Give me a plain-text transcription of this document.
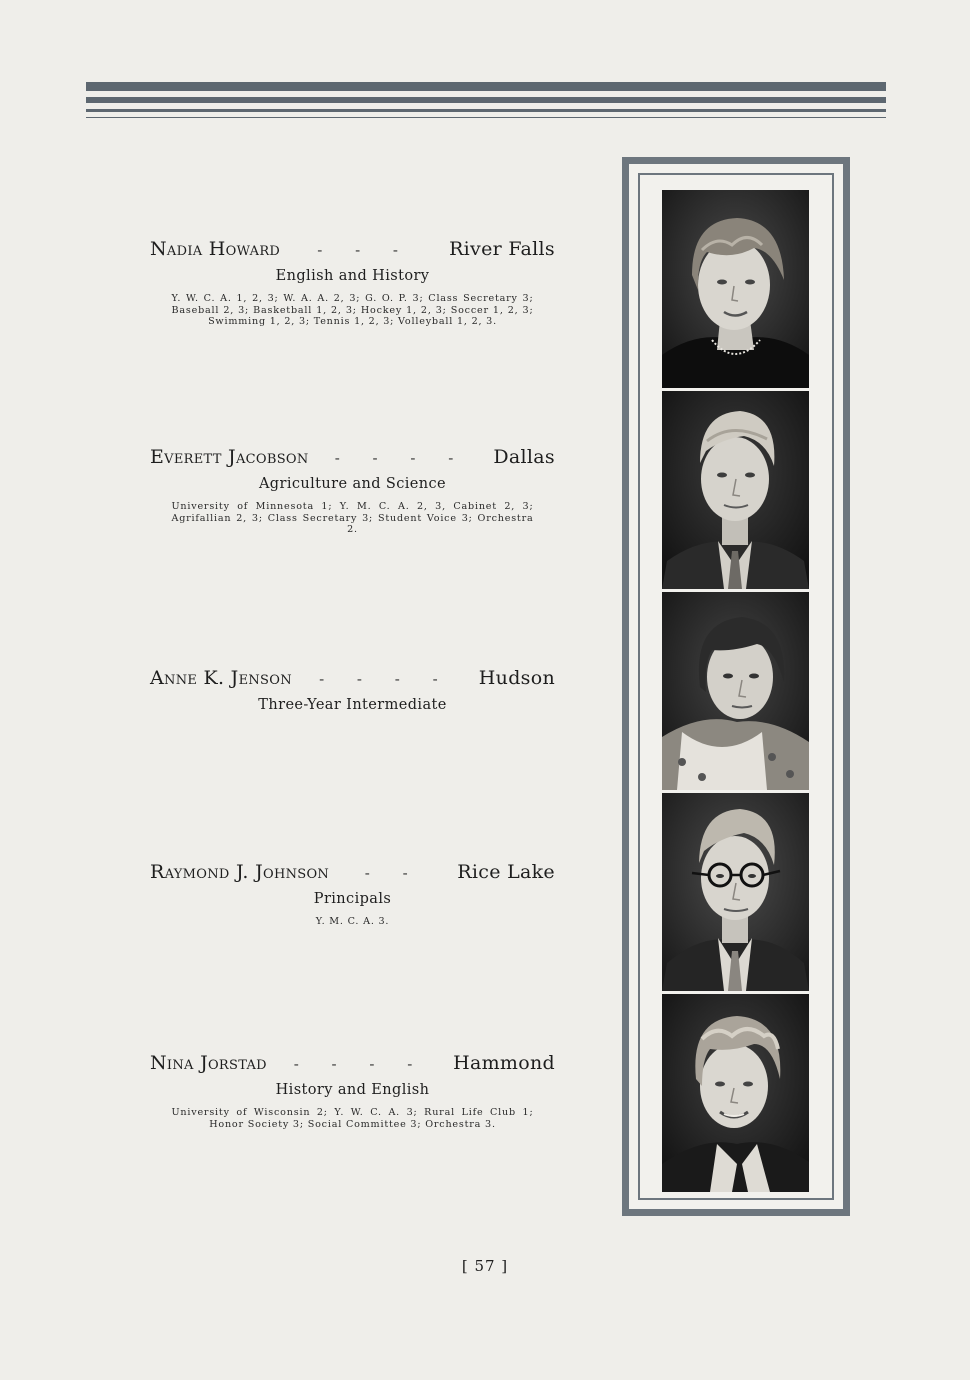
Nadia Howard - - - River Falls
English and History
Y. W. C. A. 1, 2, 3; W. A. A. 2, 3; G. O. P. 3; Class Secretary 3; Baseball 2, 3; Basketball 1, 2, 3; Hockey 1, 2, 3; Soccer 1, 2, 3; Swimming 1, 2, 3; Tennis 1, 2, 3; Volleyball 1, 2, 3.
Everett Jacobson - - - - Dallas
Agriculture and Science
University of Minnesota 1; Y. M. C. A. 2, 3, Cabinet 2, 3; Agrifallian 2, 3; Class Secretary 3; Student Voice 3; Orchestra 2.
Anne K. Jenson - - - - Hudson
Three-Year Intermediate
Raymond J. Johnson - - Rice Lake
Principals
Y. M. C. A. 3.
Nina Jorstad - - - - Hammond
History and English
University of Wisconsin 2; Y. W. C. A. 3; Rural Life Club 1; Honor Society 3; Social Committee 3; Orchestra 3.
[ 57 ]
